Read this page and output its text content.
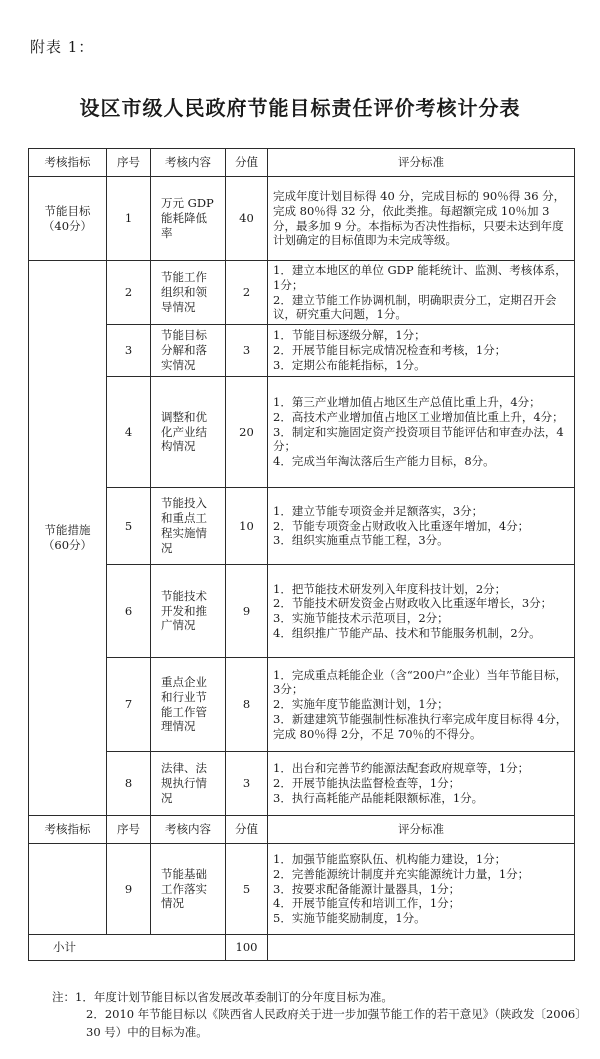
附表 1：
设区市级人民政府节能目标责任评价考核计分表
考核指标	序号	考核内容	分值	评分标准

节能目标
（40分）	1	万元 GDP 能耗降低率	40	完成年度计划目标得 40 分，完成目标的 90％得 36 分，完成 80％得 32 分，依此类推。每超额完成 10％加 3 分，最多加 9 分。本指标为否决性指标，只要未达到年度计划确定的目标值即为未完成等级。

节能措施
（60分）	2	节能工作组织和领导情况	2	1．建立本地区的单位 GDP 能耗统计、监测、考核体系，1分；
2．建立节能工作协调机制，明确职责分工，定期召开会议，研究重大问题，1分。

	3	节能目标分解和落实情况	3	1．节能目标逐级分解，1分；
2．开展节能目标完成情况检查和考核，1分；
3．定期公布能耗指标，1分。

	4	调整和优化产业结构情况	20	1．第三产业增加值占地区生产总值比重上升，4分；
2．高技术产业增加值占地区工业增加值比重上升，4分；
3．制定和实施固定资产投资项目节能评估和审查办法，4分；
4．完成当年淘汰落后生产能力目标，8分。

	5	节能投入和重点工程实施情况	10	1．建立节能专项资金并足额落实，3分；
2．节能专项资金占财政收入比重逐年增加，4分；
3．组织实施重点节能工程，3分。

	6	节能技术开发和推广情况	9	1．把节能技术研发列入年度科技计划，2分；
2．节能技术研发资金占财政收入比重逐年增长，3分；
3．实施节能技术示范项目，2分；
4．组织推广节能产品、技术和节能服务机制，2分。

	7	重点企业和行业节能工作管理情况	8	1．完成重点耗能企业（含“200户”企业）当年节能目标，3分；
2．实施年度节能监测计划，1分；
3．新建建筑节能强制性标准执行率完成年度目标得 4分，完成 80％得 2分，不足 70％的不得分。

	8	法律、法规执行情况	3	1．出台和完善节约能源法配套政府规章等，1分；
2．开展节能执法监督检查等，1分；
3．执行高耗能产品能耗限额标准，1分。

考核指标	序号	考核内容	分值	评分标准
	9	节能基础工作落实情况	5	1．加强节能监察队伍、机构能力建设，1分；
2．完善能源统计制度并充实能源统计力量，1分；
3．按要求配备能源计量器具，1分；
4．开展节能宣传和培训工作，1分；
5．实施节能奖励制度，1分。

小计			100	
注：1．年度计划节能目标以省发展改革委制订的分年度目标为准。
2．2010 年节能目标以《陕西省人民政府关于进一步加强节能工作的若干意见》（陕政发〔2006〕30 号）中的目标为准。
